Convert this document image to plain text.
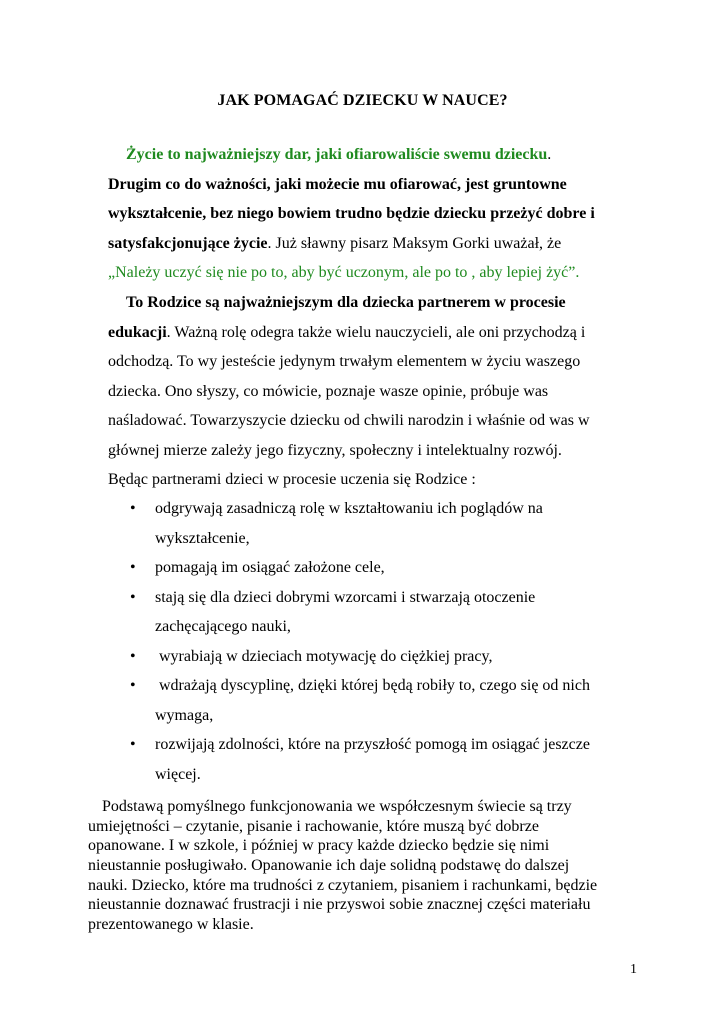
JAK POMAGAĆ DZIECKU W NAUCE?
Życie to najważniejszy dar, jaki ofiarowaliście swemu dziecku.
Drugim co do ważności, jaki możecie mu ofiarować, jest gruntowne
wykształcenie, bez niego bowiem trudno będzie dziecku przeżyć dobre i
satysfakcjonujące życie. Już sławny pisarz Maksym Gorki uważał, że
„Należy uczyć się nie po to, aby być uczonym, ale po to , aby lepiej żyć”.
To Rodzice są najważniejszym dla dziecka partnerem w procesie
edukacji. Ważną rolę odegra także wielu nauczycieli, ale oni przychodzą i
odchodzą. To wy jesteście jedynym trwałym elementem w życiu waszego
dziecka. Ono słyszy, co mówicie, poznaje wasze opinie, próbuje was
naśladować. Towarzyszycie dziecku od chwili narodzin i właśnie od was w
głównej mierze zależy jego fizyczny, społeczny i intelektualny rozwój.
Będąc partnerami dzieci w procesie uczenia się Rodzice :
• odgrywają zasadniczą rolę w kształtowaniu ich poglądów na
wykształcenie,
• pomagają im osiągać założone cele,
• stają się dla dzieci dobrymi wzorcami i stwarzają otoczenie
zachęcającego nauki,
• wyrabiają w dzieciach motywację do ciężkiej pracy,
• wdrażają dyscyplinę, dzięki której będą robiły to, czego się od nich
wymaga,
• rozwijają zdolności, które na przyszłość pomogą im osiągać jeszcze
więcej.
Podstawą pomyślnego funkcjonowania we współczesnym świecie są trzy
umiejętności – czytanie, pisanie i rachowanie, które muszą być dobrze
opanowane. I w szkole, i później w pracy każde dziecko będzie się nimi
nieustannie posługiwało. Opanowanie ich daje solidną podstawę do dalszej
nauki. Dziecko, które ma trudności z czytaniem, pisaniem i rachunkami, będzie
nieustannie doznawać frustracji i nie przyswoi sobie znacznej części materiału
prezentowanego w klasie.
1
